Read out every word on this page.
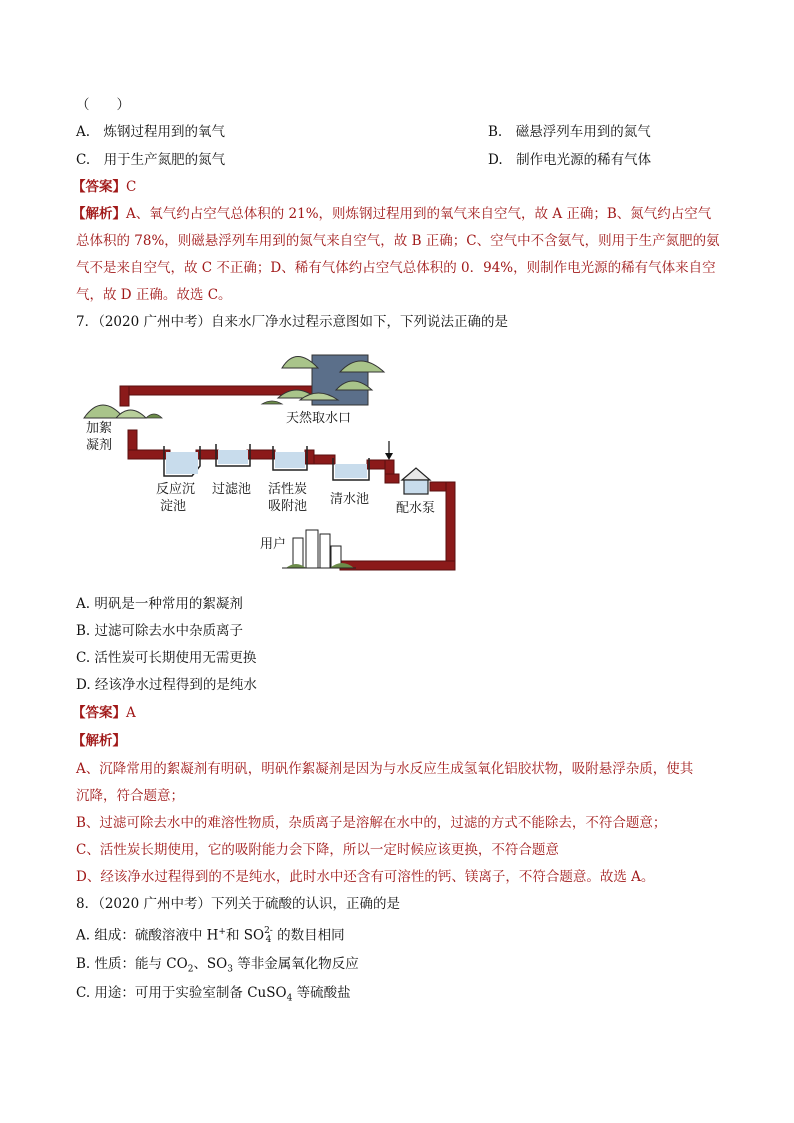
（　　）
A.　炼钢过程用到的氧气	B.　磁悬浮列车用到的氮气
C.　用于生产氮肥的氮气	D.　制作电光源的稀有气体
【答案】C
【解析】A、氧气约占空气总体积的 21%，则炼钢过程用到的氧气来自空气，故 A 正确；B、氮气约占空气
总体积的 78%，则磁悬浮列车用到的氮气来自空气，故 B 正确；C、空气中不含氨气，则用于生产氮肥的氨
气不是来自空气，故 C 不正确；D、稀有气体约占空气总体积的 0．94%，则制作电光源的稀有气体来自空
气，故 D 正确。故选 C。
7．（2020 广州中考）自来水厂净水过程示意图如下，下列说法正确的是
天然取水口
加絮
凝剂
反应沉
淀池
过滤池 活性炭
吸附池 清水池
配水泵
用户
A. 明矾是一种常用的絮凝剂
B. 过滤可除去水中杂质离子
C. 活性炭可长期使用无需更换
D. 经该净水过程得到的是纯水
【答案】A
【解析】
A、沉降常用的絮凝剂有明矾，明矾作絮凝剂是因为与水反应生成氢氧化铝胶状物，吸附悬浮杂质，使其
沉降，符合题意；
B、过滤可除去水中的难溶性物质，杂质离子是溶解在水中的，过滤的方式不能除去，不符合题意；
C、活性炭长期使用，它的吸附能力会下降，所以一定时候应该更换，不符合题意
D、经该净水过程得到的不是纯水，此时水中还含有可溶性的钙、镁离子，不符合题意。故选 A。
8．（2020 广州中考）下列关于硫酸的认识，正确的是
A. 组成：硫酸溶液中 H+和 SO 2-
4 的数目相同
B. 性质：能与 $CO_2$、$SO_3$ 等非金属氧化物反应
C. 用途：可用于实验室制备 CuSO$_4$ 等硫酸盐
